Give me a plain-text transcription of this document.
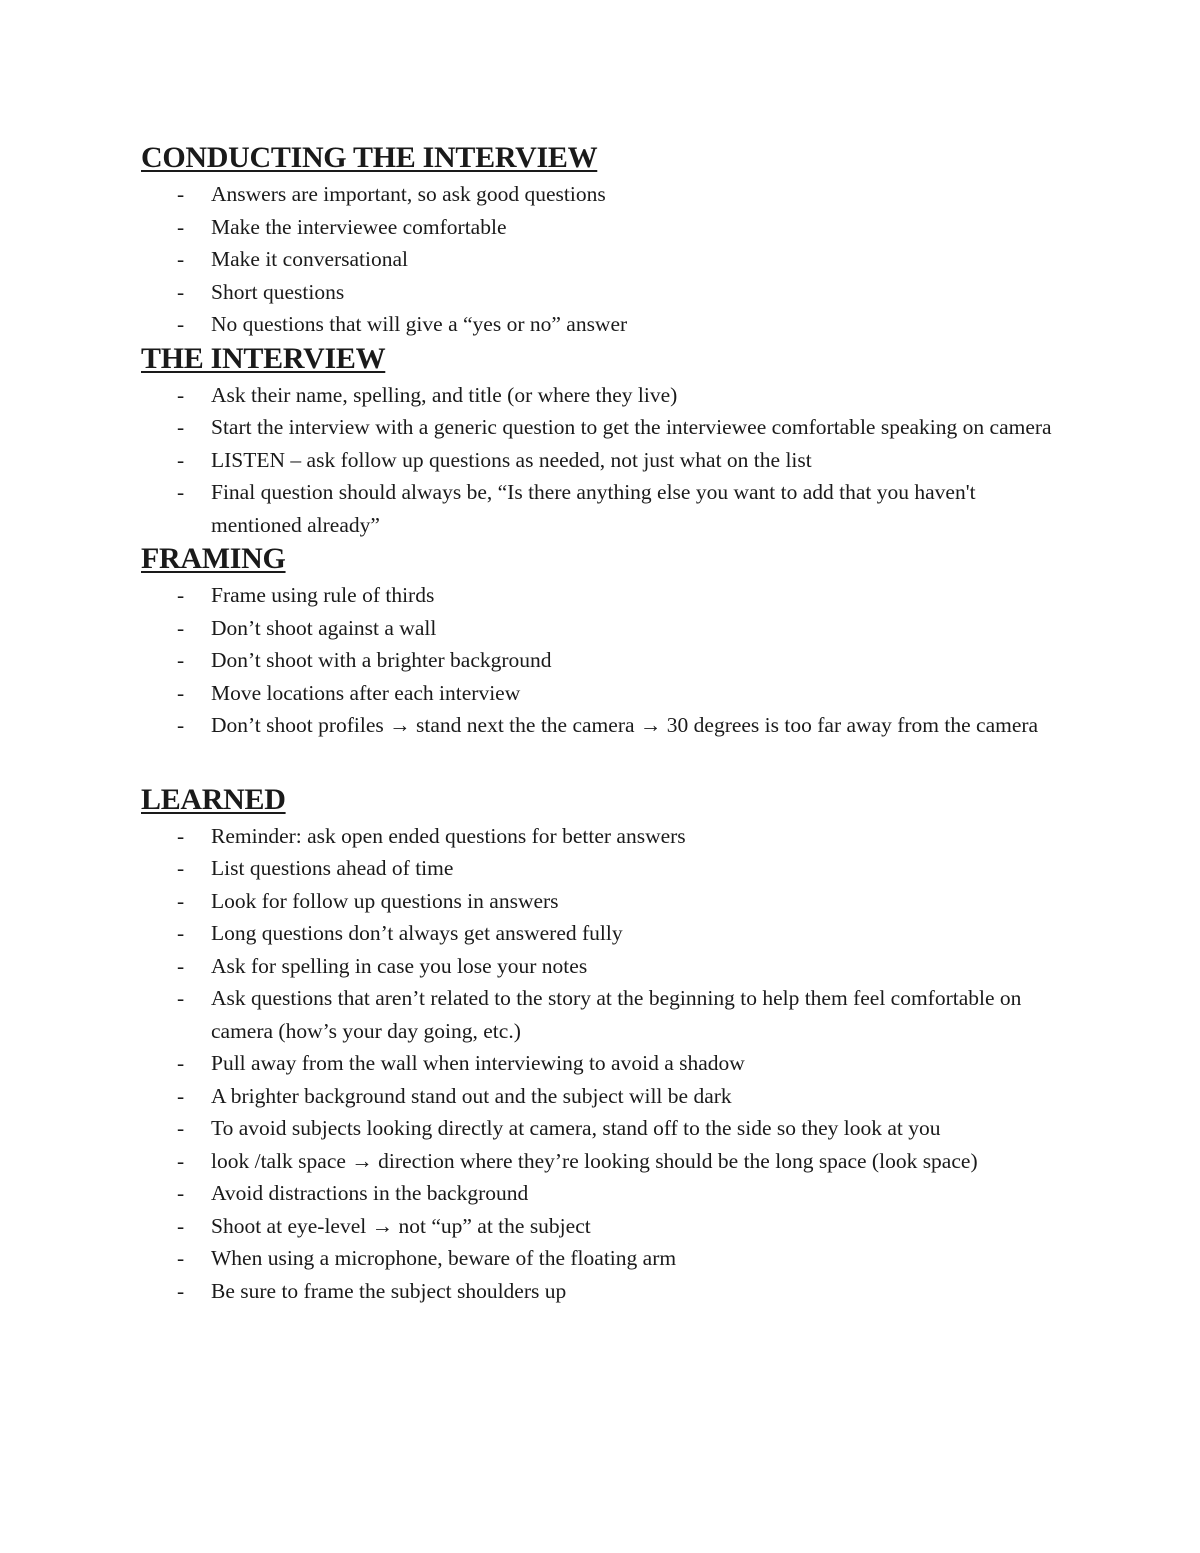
CONDUCTING THE INTERVIEW
- Answers are important, so ask good questions
- Make the interviewee comfortable
- Make it conversational
- Short questions
- No questions that will give a “yes or no” answer
THE INTERVIEW
- Ask their name, spelling, and title (or where they live)
- Start the interview with a generic question to get the interviewee comfortable speaking on camera
- LISTEN – ask follow up questions as needed, not just what on the list
- Final question should always be, “Is there anything else you want to add that you haven't mentioned already”
FRAMING
- Frame using rule of thirds
- Don’t shoot against a wall
- Don’t shoot with a brighter background
- Move locations after each interview
- Don’t shoot profiles → stand next the the camera → 30 degrees is too far away from the camera
LEARNED
- Reminder: ask open ended questions for better answers
- List questions ahead of time
- Look for follow up questions in answers
- Long questions don’t always get answered fully
- Ask for spelling in case you lose your notes
- Ask questions that aren’t related to the story at the beginning to help them feel comfortable on camera (how’s your day going, etc.)
- Pull away from the wall when interviewing to avoid a shadow
- A brighter background stand out and the subject will be dark
- To avoid subjects looking directly at camera, stand off to the side so they look at you
- look /talk space → direction where they’re looking should be the long space (look space)
- Avoid distractions in the background
- Shoot at eye-level → not “up” at the subject
- When using a microphone, beware of the floating arm
- Be sure to frame the subject shoulders up
